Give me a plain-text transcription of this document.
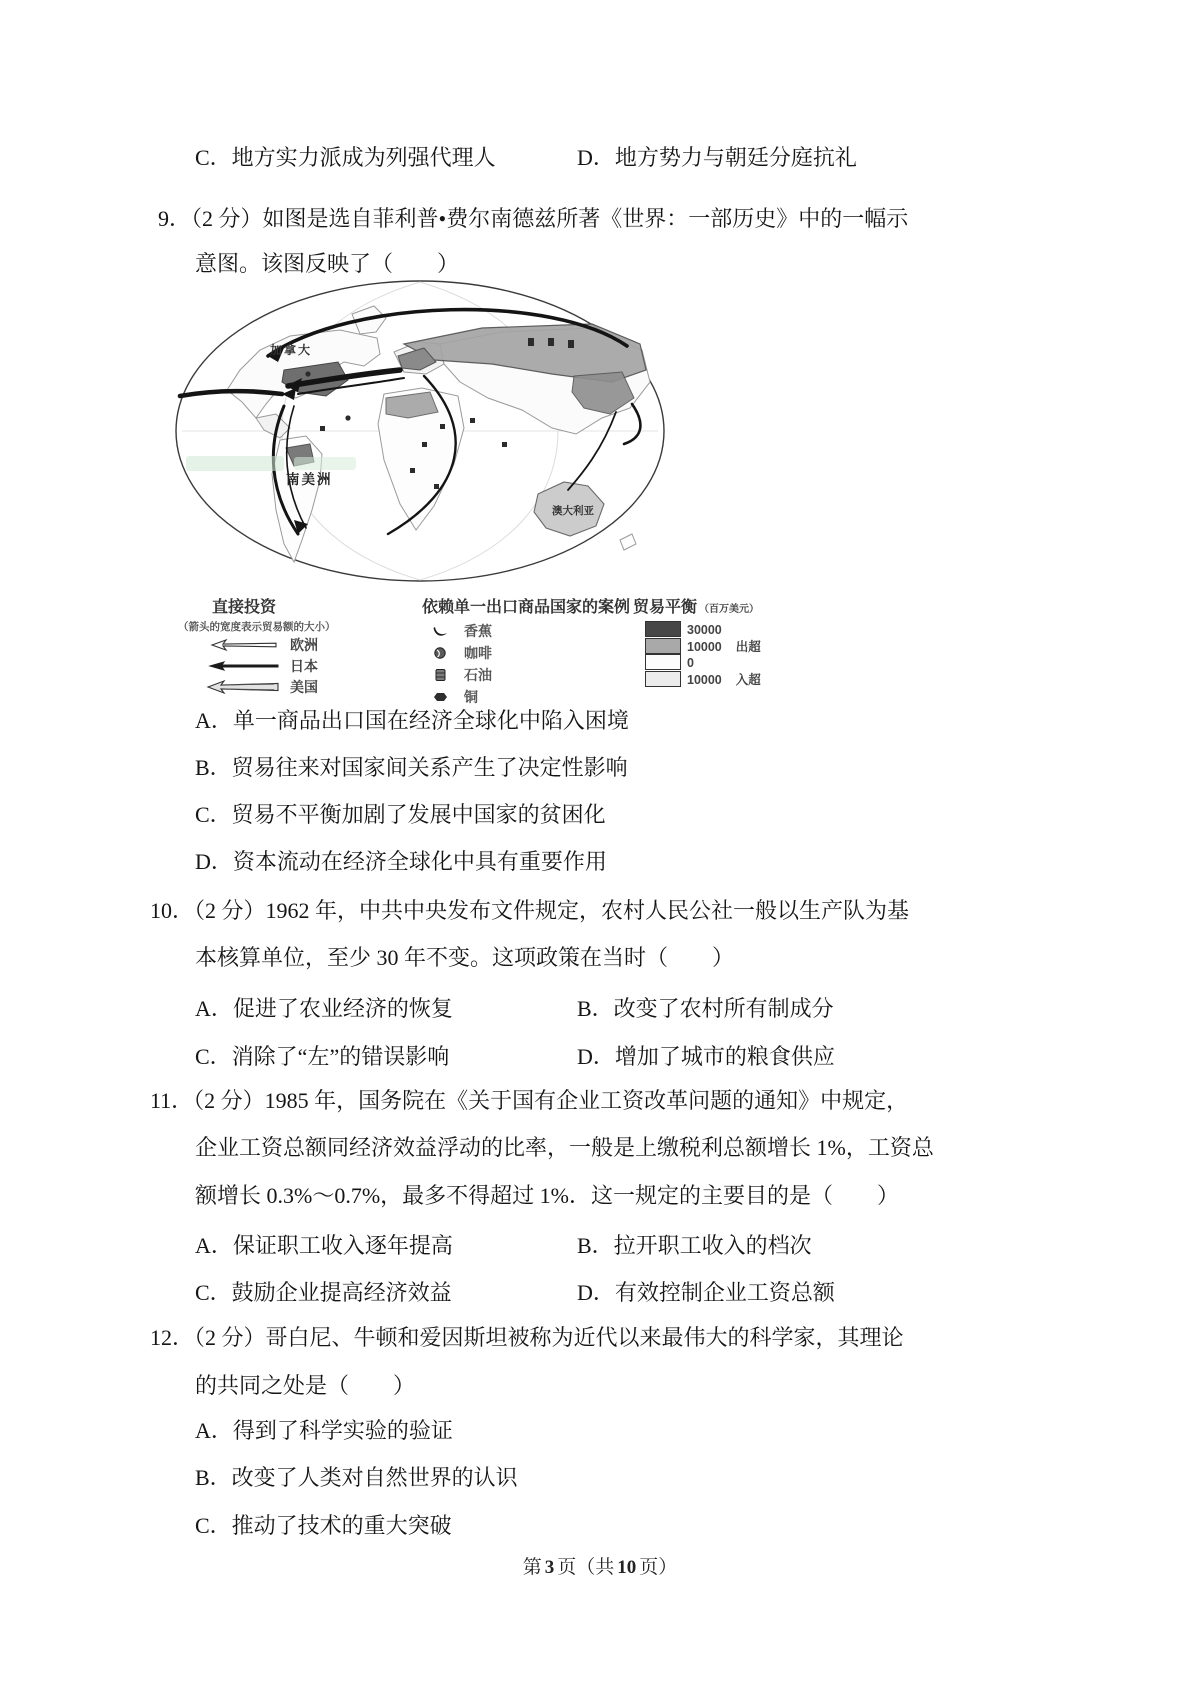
C．地方实力派成为列强代理人	D．地方势力与朝廷分庭抗礼
9．（2 分）如图是选自菲利普•费尔南德兹所著《世界：一部历史》中的一幅示
意图。该图反映了（　　）
加拿大
南美洲
澳大利亚
直接投资
（箭头的宽度表示贸易额的大小）
欧洲
日本
美国
依赖单一出口商品国家的案例
香蕉
咖啡
石油
铜
贸易平衡 （百万美元）
30000
10000 出超
0
10000 入超
A．单一商品出口国在经济全球化中陷入困境
B．贸易往来对国家间关系产生了决定性影响
C．贸易不平衡加剧了发展中国家的贫困化
D．资本流动在经济全球化中具有重要作用
10．（2 分）1962 年，中共中央发布文件规定，农村人民公社一般以生产队为基
本核算单位，至少 30 年不变。这项政策在当时（　　）
A．促进了农业经济的恢复	B．改变了农村所有制成分
C．消除了“左”的错误影响	D．增加了城市的粮食供应
11．（2 分）1985 年，国务院在《关于国有企业工资改革问题的通知》中规定，
企业工资总额同经济效益浮动的比率，一般是上缴税利总额增长 1%，工资总
额增长 0.3%～0.7%，最多不得超过 1%．这一规定的主要目的是（　　）
A．保证职工收入逐年提高	B．拉开职工收入的档次
C．鼓励企业提高经济效益	D．有效控制企业工资总额
12．（2 分）哥白尼、牛顿和爱因斯坦被称为近代以来最伟大的科学家，其理论
的共同之处是（　　）
A．得到了科学实验的验证
B．改变了人类对自然世界的认识
C．推动了技术的重大突破
第 3 页（共 10 页）
